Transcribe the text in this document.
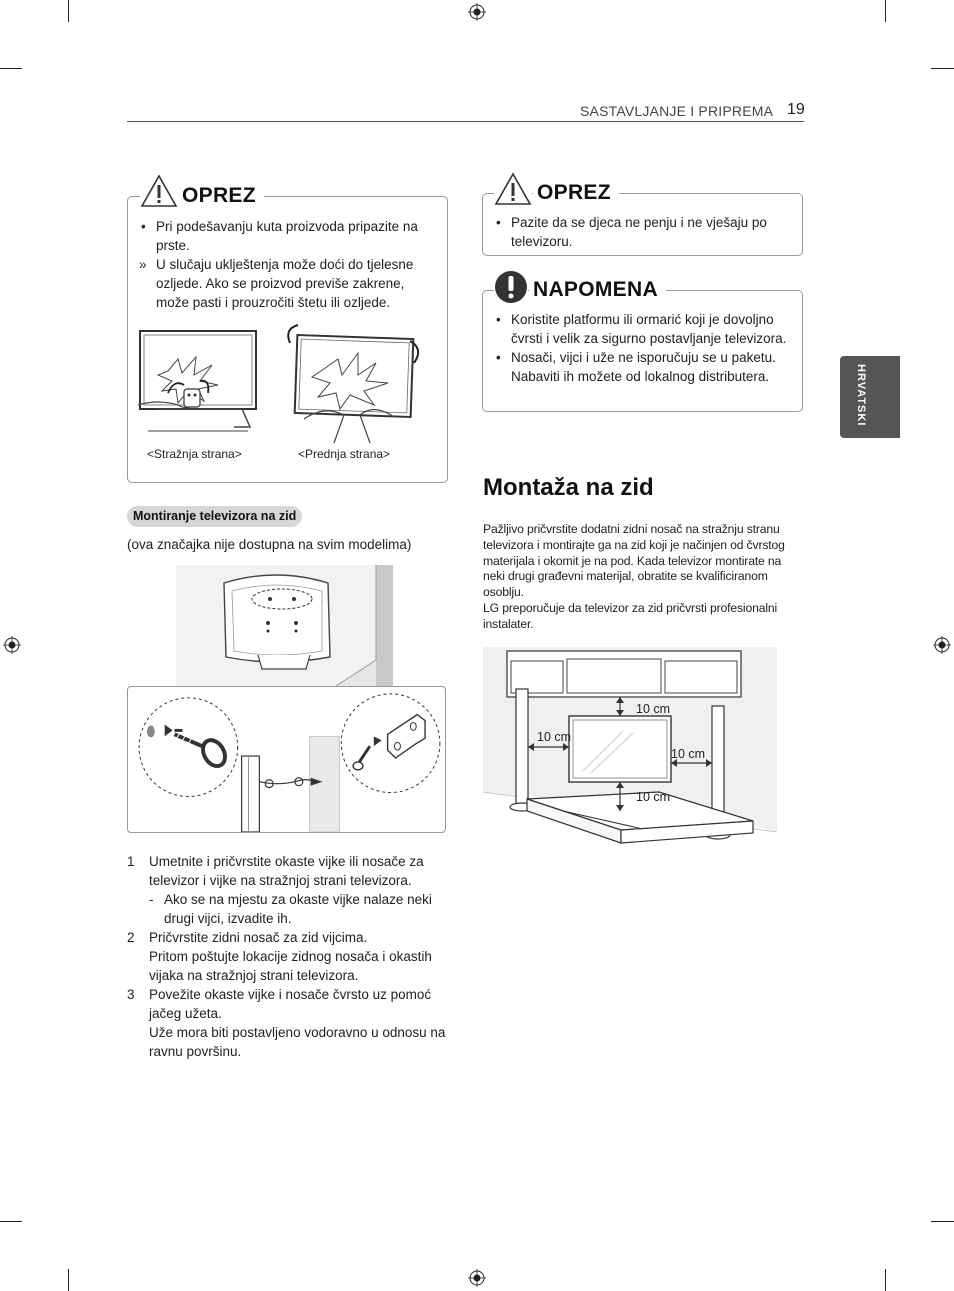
SASTAVLJANJE I PRIPREMA 19
HRVATSKI
• Pri podešavanju kuta proizvoda pripazite na prste.
» U slučaju uklještenja može doći do tjelesne ozljede. Ako se proizvod previše zakrene, može pasti i prouzročiti štetu ili ozljede.
<Stražnja strana>	<Prednja strana>
OPREZ
Montiranje televizora na zid
(ova značajka nije dostupna na svim modelima)
1 Umetnite i pričvrstite okaste vijke ili nosače za televizor i vijke na stražnjoj strani televizora.
- Ako se na mjestu za okaste vijke nalaze neki drugi vijci, izvadite ih.
2 Pričvrstite zidni nosač za zid vijcima.
Pritom poštujte lokacije zidnog nosača i okastih vijaka na stražnjoj strani televizora.
3 Povežite okaste vijke i nosače čvrsto uz pomoć jačeg užeta.
Uže mora biti postavljeno vodoravno u odnosu na ravnu površinu.
• Pazite da se djeca ne penju i ne vješaju po televizoru.
OPREZ
• Koristite platformu ili ormarić koji je dovoljno čvrsti i velik za sigurno postavljanje televizora.
• Nosači, vijci i uže ne isporučuju se u paketu. Nabaviti ih možete od lokalnog distributera.
NAPOMENA
Montaža na zid
Pažljivo pričvrstite dodatni zidni nosač na stražnju stranu televizora i montirajte ga na zid koji je načinjen od čvrstog materijala i okomit je na pod. Kada televizor montirate na neki drugi građevni materijal, obratite se kvalificiranom osoblju.
LG preporučuje da televizor za zid pričvrsti profesionalni instalater.
10 cm
10 cm
10 cm
10 cm
